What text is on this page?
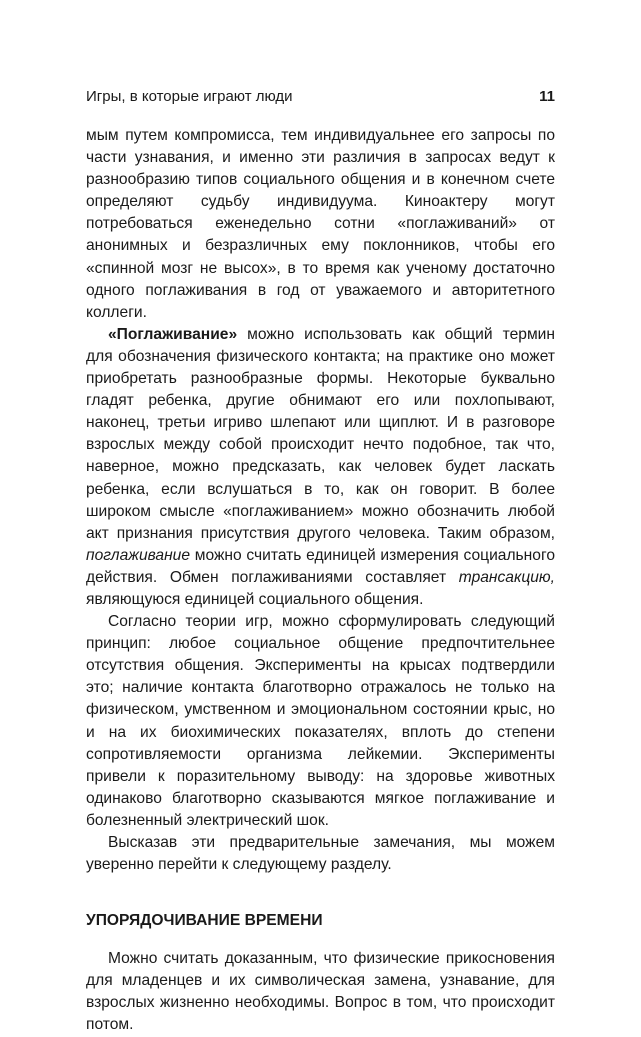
Игры, в которые играют люди	11

мым путем компромисса, тем индивидуальнее его запросы по части узнавания, и именно эти различия в запросах ведут к разнообразию типов социального общения и в конечном счете определяют судьбу индивидуума. Киноактеру могут потребоваться еженедельно сотни «поглаживаний» от анонимных и безразличных ему поклонников, чтобы его «спинной мозг не высох», в то время как ученому достаточно одного поглаживания в год от уважаемого и авторитетного коллеги.

«Поглаживание» можно использовать как общий термин для обозначения физического контакта; на практике оно может приобретать разнообразные формы. Некоторые буквально гладят ребенка, другие обнимают его или похлопывают, наконец, третьи игриво шлепают или щиплют. И в разговоре взрослых между собой происходит нечто подобное, так что, наверное, можно предсказать, как человек будет ласкать ребенка, если вслушаться в то, как он говорит. В более широком смысле «поглаживанием» можно обозначить любой акт признания присутствия другого человека. Таким образом, поглаживание можно считать единицей измерения социального действия. Обмен поглаживаниями составляет трансакцию, являющуюся единицей социального общения.

Согласно теории игр, можно сформулировать следующий принцип: любое социальное общение предпочтительнее отсутствия общения. Эксперименты на крысах подтвердили это; наличие контакта благотворно отражалось не только на физическом, умственном и эмоциональном состоянии крыс, но и на их биохимических показателях, вплоть до степени сопротивляемости организма лейкемии. Эксперименты привели к поразительному выводу: на здоровье животных одинаково благотворно сказываются мягкое поглаживание и болезненный электрический шок.

Высказав эти предварительные замечания, мы можем уверенно перейти к следующему разделу.

УПОРЯДОЧИВАНИЕ ВРЕМЕНИ

Можно считать доказанным, что физические прикосновения для младенцев и их символическая замена, узнавание, для взрослых жизненно необходимы. Вопрос в том, что происходит потом.
